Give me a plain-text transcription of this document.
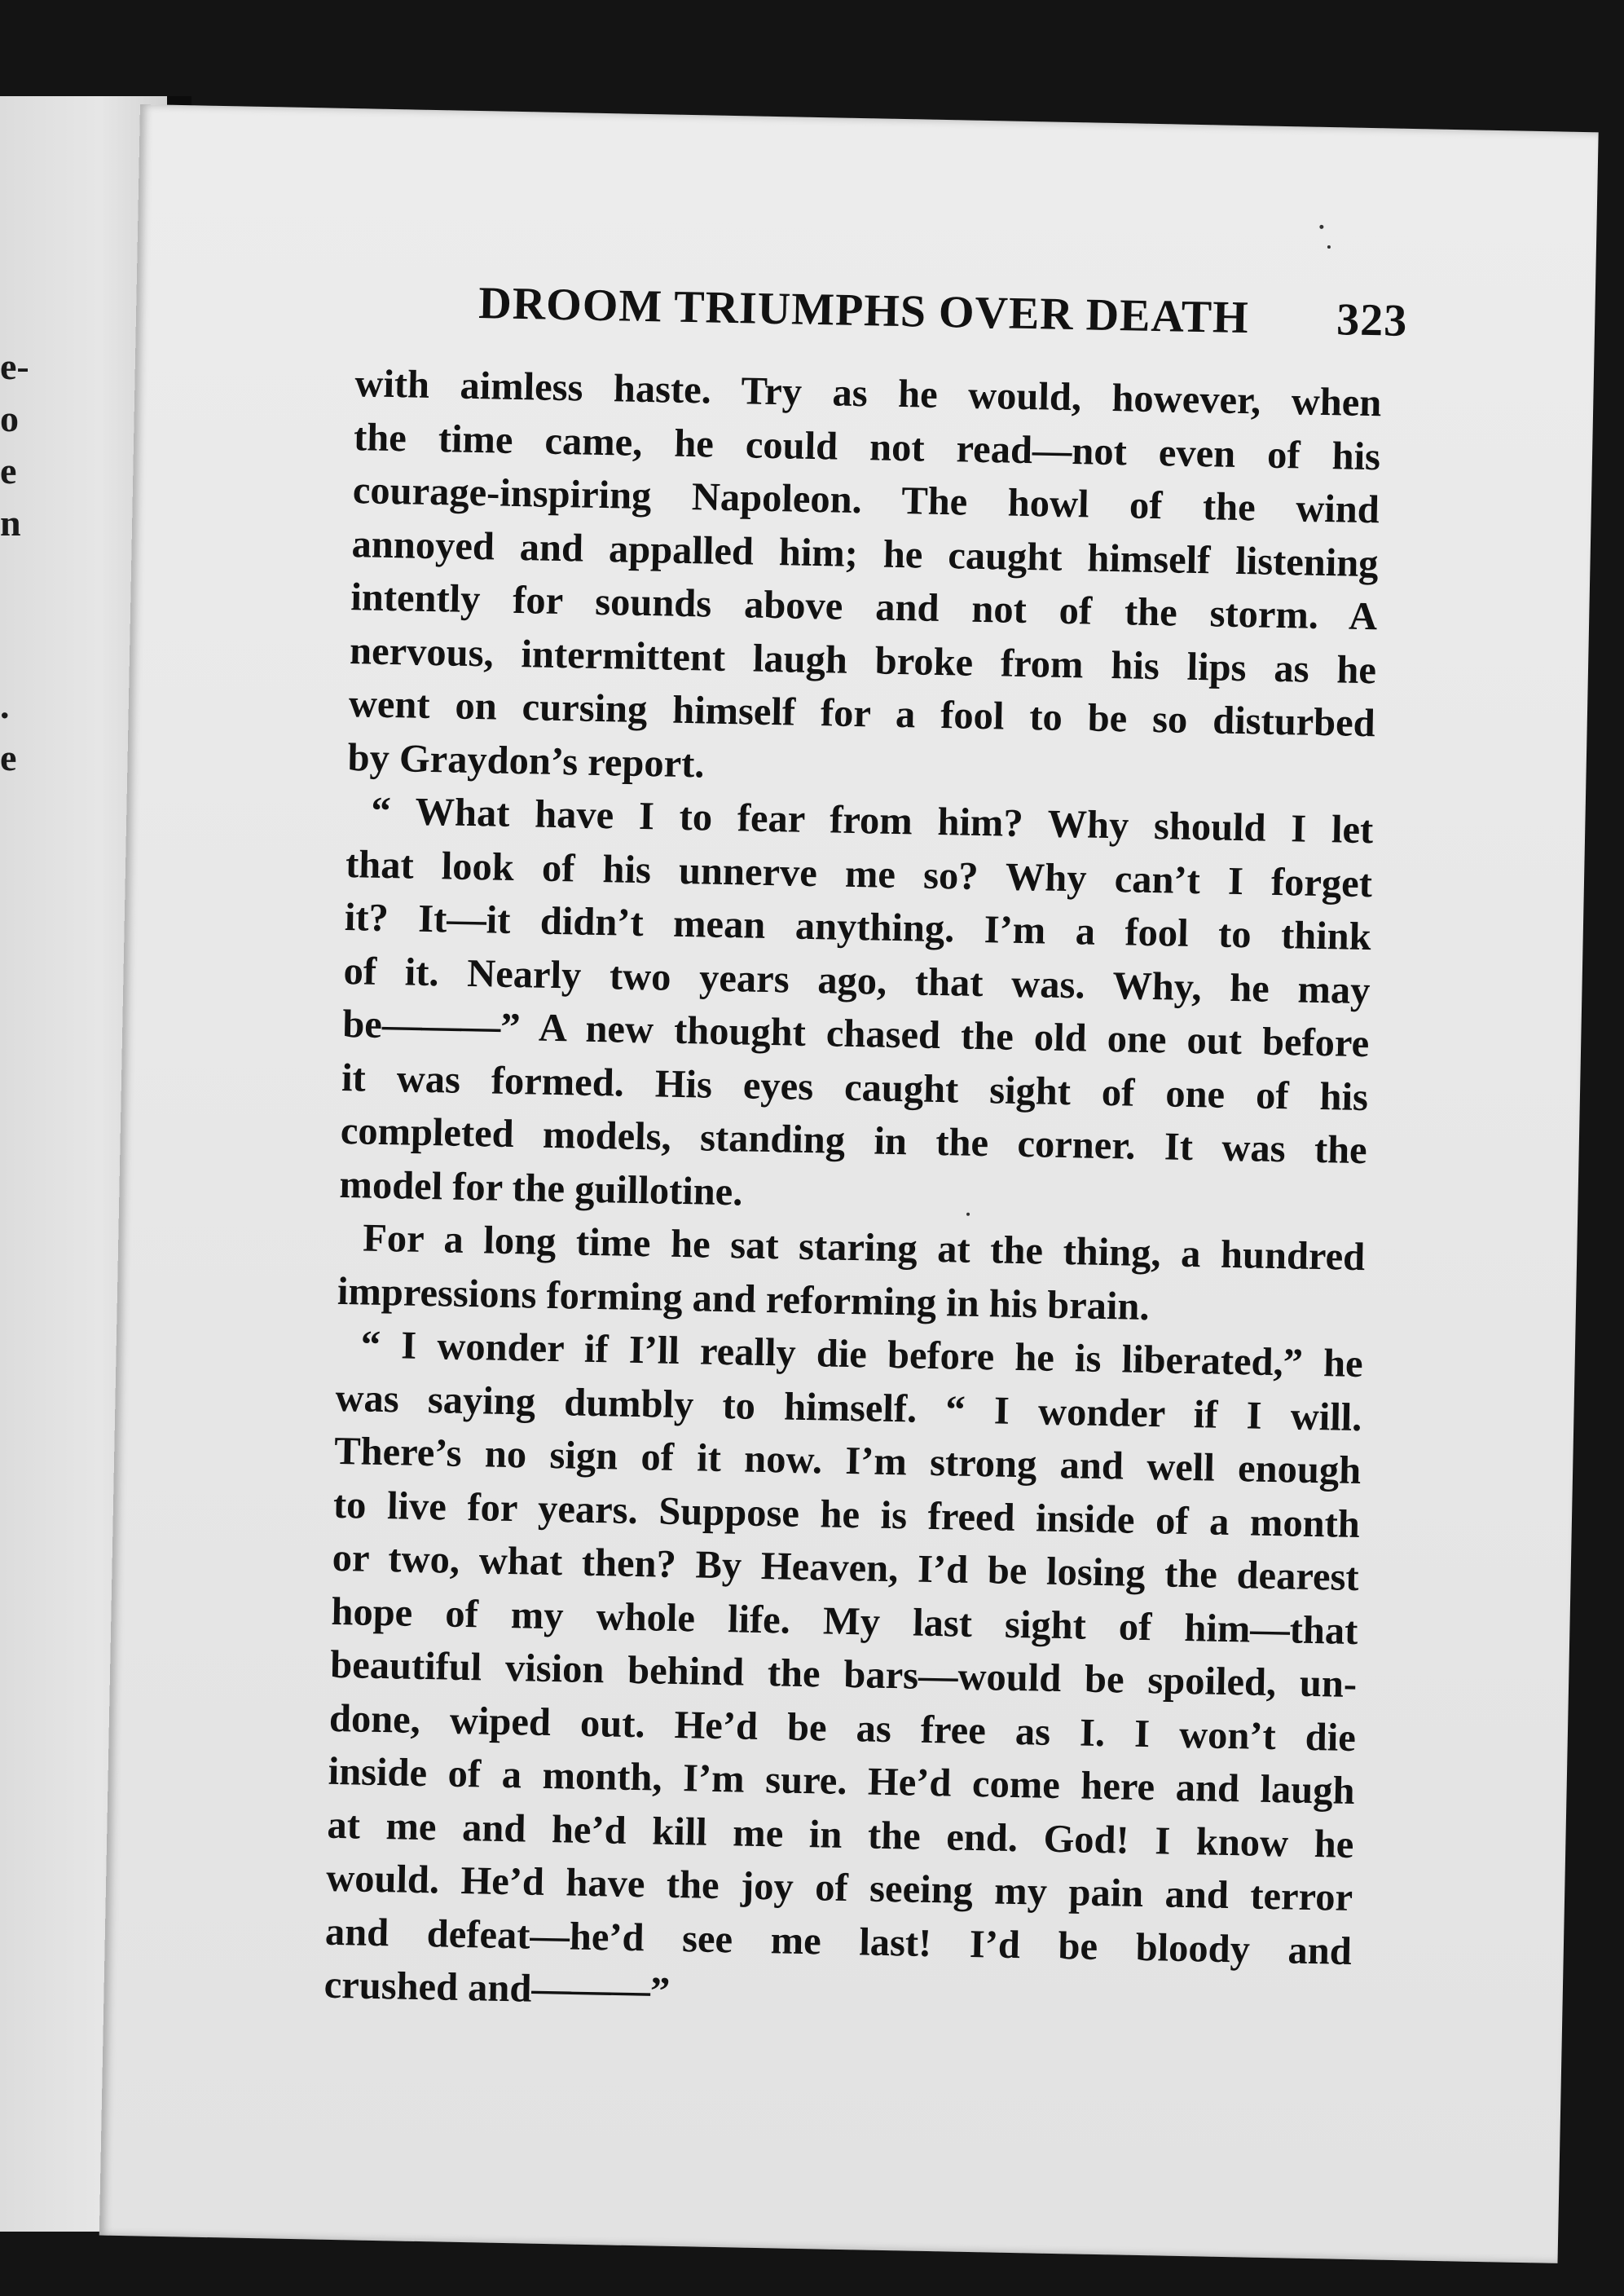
e-
o
e
n
.
e
DROOM TRIUMPHS OVER DEATH 323
with aimless haste. Try as he would, however, when
the time came, he could not read—not even of his
courage-inspiring Napoleon. The howl of the wind
annoyed and appalled him; he caught himself listening
intently for sounds above and not of the storm. A
nervous, intermittent laugh broke from his lips as he
went on cursing himself for a fool to be so disturbed
by Graydon’s report.
“ What have I to fear from him? Why should I let
that look of his unnerve me so? Why can’t I forget
it? It—it didn’t mean anything. I’m a fool to think
of it. Nearly two years ago, that was. Why, he may
be———” A new thought chased the old one out before
it was formed. His eyes caught sight of one of his
completed models, standing in the corner. It was the
model for the guillotine.
For a long time he sat staring at the thing, a hundred
impressions forming and reforming in his brain.
“ I wonder if I’ll really die before he is liberated,” he
was saying dumbly to himself. “ I wonder if I will.
There’s no sign of it now. I’m strong and well enough
to live for years. Suppose he is freed inside of a month
or two, what then? By Heaven, I’d be losing the dearest
hope of my whole life. My last sight of him—that
beautiful vision behind the bars—would be spoiled, un-
done, wiped out. He’d be as free as I. I won’t die
inside of a month, I’m sure. He’d come here and laugh
at me and he’d kill me in the end. God! I know he
would. He’d have the joy of seeing my pain and terror
and defeat—he’d see me last! I’d be bloody and
crushed and———”
